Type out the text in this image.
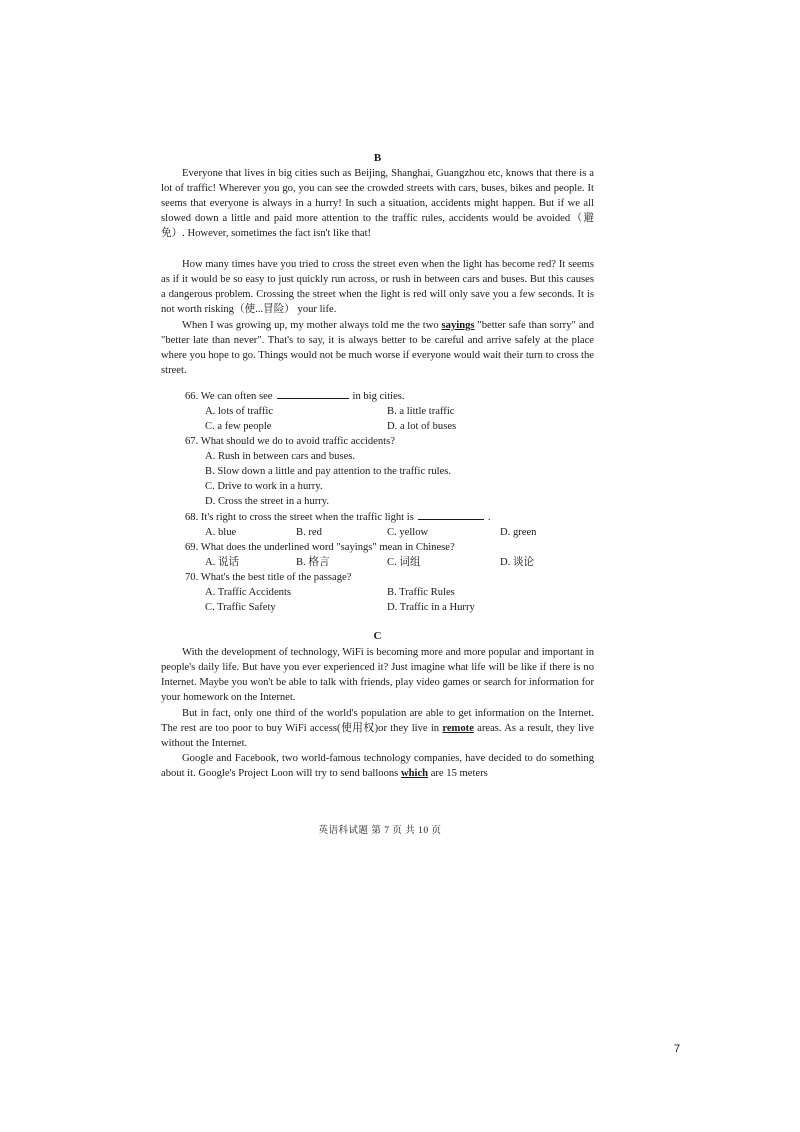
B
Everyone that lives in big cities such as Beijing, Shanghai, Guangzhou etc, knows that there is a lot of traffic! Wherever you go, you can see the crowded streets with cars, buses, bikes and people. It seems that everyone is always in a hurry! In such a situation, accidents might happen. But if we all slowed down a little and paid more attention to the traffic rules, accidents would be avoided（避免）. However, sometimes the fact isn't like that!
How many times have you tried to cross the street even when the light has become red? It seems as if it would be so easy to just quickly run across, or rush in between cars and buses. But this causes a dangerous problem. Crossing the street when the light is red will only save you a few seconds. It is not worth risking（使...冒险） your life.
When I was growing up, my mother always told me the two sayings "better safe than sorry" and "better late than never". That's to say, it is always better to be careful and arrive safely at the place where you hope to go. Things would not be much worse if everyone would wait their turn to cross the street.
66. We can often see	in big cities.
A. lots of traffic	B. a little traffic
C. a few people	D. a lot of buses
67. What should we do to avoid traffic accidents?
A. Rush in between cars and buses.
B. Slow down a little and pay attention to the traffic rules.
C. Drive to work in a hurry.
D. Cross the street in a hurry.
68. It's right to cross the street when the traffic light is	.
A. blue	B. red	C. yellow	D. green
69. What does the underlined word "sayings" mean in Chinese?
A. 说话	B. 格言	C. 词组	D. 谈论
70. What's the best title of the passage?
A. Traffic Accidents	B. Traffic Rules
C. Traffic Safety	D. Traffic in a Hurry
C
With the development of technology, WiFi is becoming more and more popular and important in people's daily life. But have you ever experienced it? Just imagine what life will be like if there is no Internet. Maybe you won't be able to talk with friends, play video games or search for information for your homework on the Internet.
But in fact, only one third of the world's population are able to get information on the Internet. The rest are too poor to buy WiFi access(使用权)or they live in remote areas. As a result, they live without the Internet.
Google and Facebook, two world-famous technology companies, have decided to do something about it. Google's Project Loon will try to send balloons which are 15 meters
英语科试题 第 7 页 共 10 页
7
